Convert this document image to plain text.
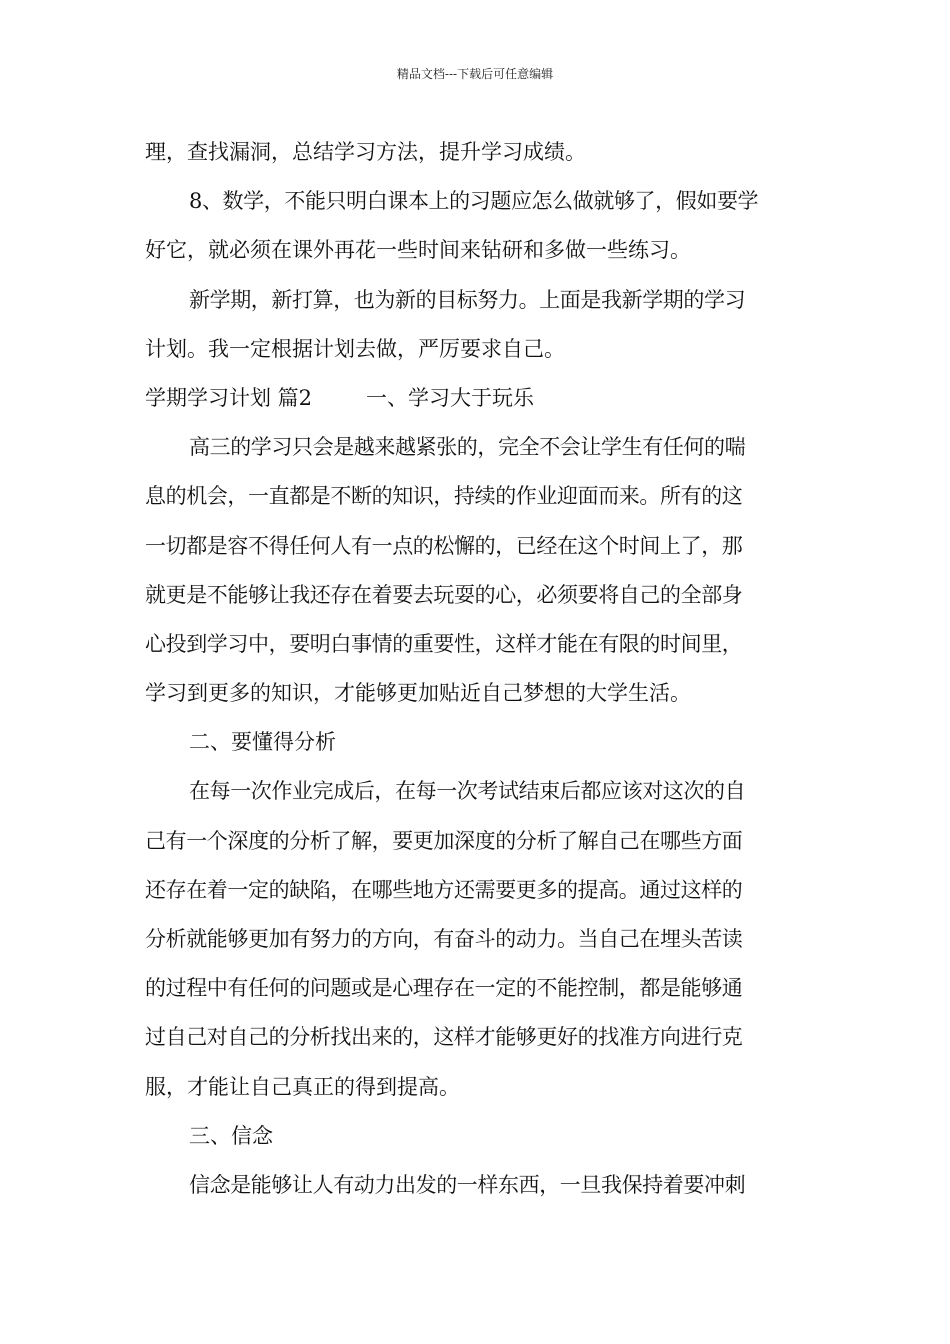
精品文档---下载后可任意编辑
理，查找漏洞，总结学习方法，提升学习成绩。
8、数学，不能只明白课本上的习题应怎么做就够了，假如要学
好它，就必须在课外再花一些时间来钻研和多做一些练习。
新学期，新打算，也为新的目标努力。上面是我新学期的学习
计划。我一定根据计划去做，严厉要求自己。
学期学习计划 篇2	一、学习大于玩乐
高三的学习只会是越来越紧张的，完全不会让学生有任何的喘
息的机会，一直都是不断的知识，持续的作业迎面而来。所有的这
一切都是容不得任何人有一点的松懈的，已经在这个时间上了，那
就更是不能够让我还存在着要去玩耍的心，必须要将自己的全部身
心投到学习中，要明白事情的重要性，这样才能在有限的时间里，
学习到更多的知识，才能够更加贴近自己梦想的大学生活。
二、要懂得分析
在每一次作业完成后，在每一次考试结束后都应该对这次的自
己有一个深度的分析了解，要更加深度的分析了解自己在哪些方面
还存在着一定的缺陷，在哪些地方还需要更多的提高。通过这样的
分析就能够更加有努力的方向，有奋斗的动力。当自己在埋头苦读
的过程中有任何的问题或是心理存在一定的不能控制，都是能够通
过自己对自己的分析找出来的，这样才能够更好的找准方向进行克
服，才能让自己真正的得到提高。
三、信念
信念是能够让人有动力出发的一样东西，一旦我保持着要冲刺
